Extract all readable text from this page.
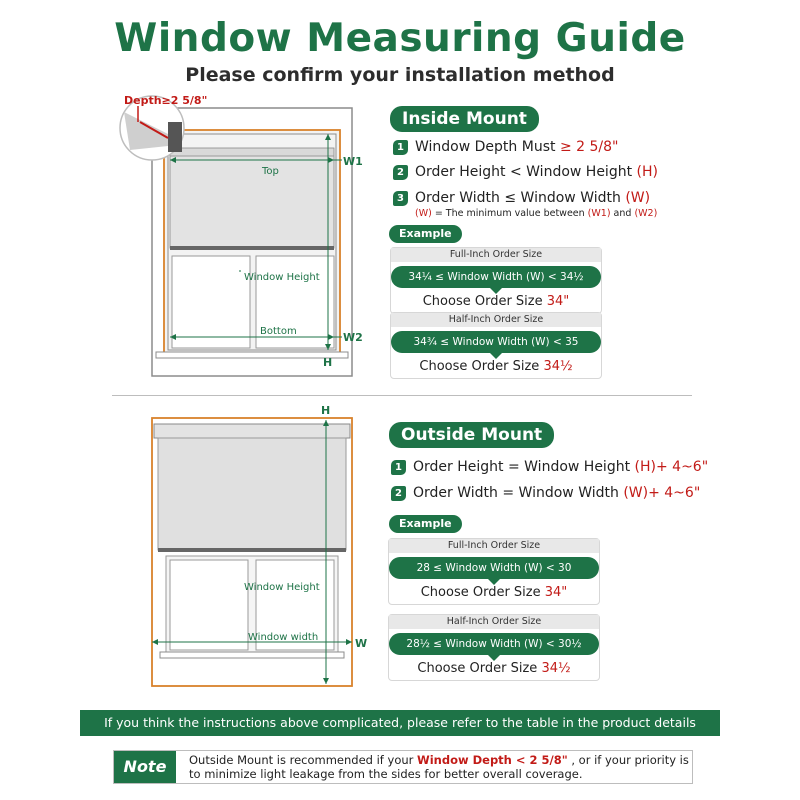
Window Measuring Guide
Please confirm your installation method
Depth≥2 5/8"
Top
Window Height
Bottom
W1
W2
H
Inside Mount
1 Window Depth Must ≥ 2 5/8"
2 Order Height < Window Height (H)
3 Order Width ≤ Window Width (W)
(W) = The minimum value between (W1) and (W2)
Example
Full-Inch Order Size
34¼ ≤ Window Width (W) < 34½
Choose Order Size 34"
Half-Inch Order Size
34¾ ≤ Window Width (W) < 35
Choose Order Size 34½
H
W
Window Height
Window width
Outside Mount
1 Order Height = Window Height (H)+ 4~6"
2 Order Width = Window Width (W)+ 4~6"
Example
Full-Inch Order Size
28 ≤ Window Width (W) < 30
Choose Order Size 34"
Half-Inch Order Size
28½ ≤ Window Width (W) < 30½
Choose Order Size 34½
If you think the instructions above complicated, please refer to the table in the product details section.
Note	Outside Mount is recommended if your Window Depth < 2 5/8" , or if your priority is to minimize light leakage from the sides for better overall coverage.
